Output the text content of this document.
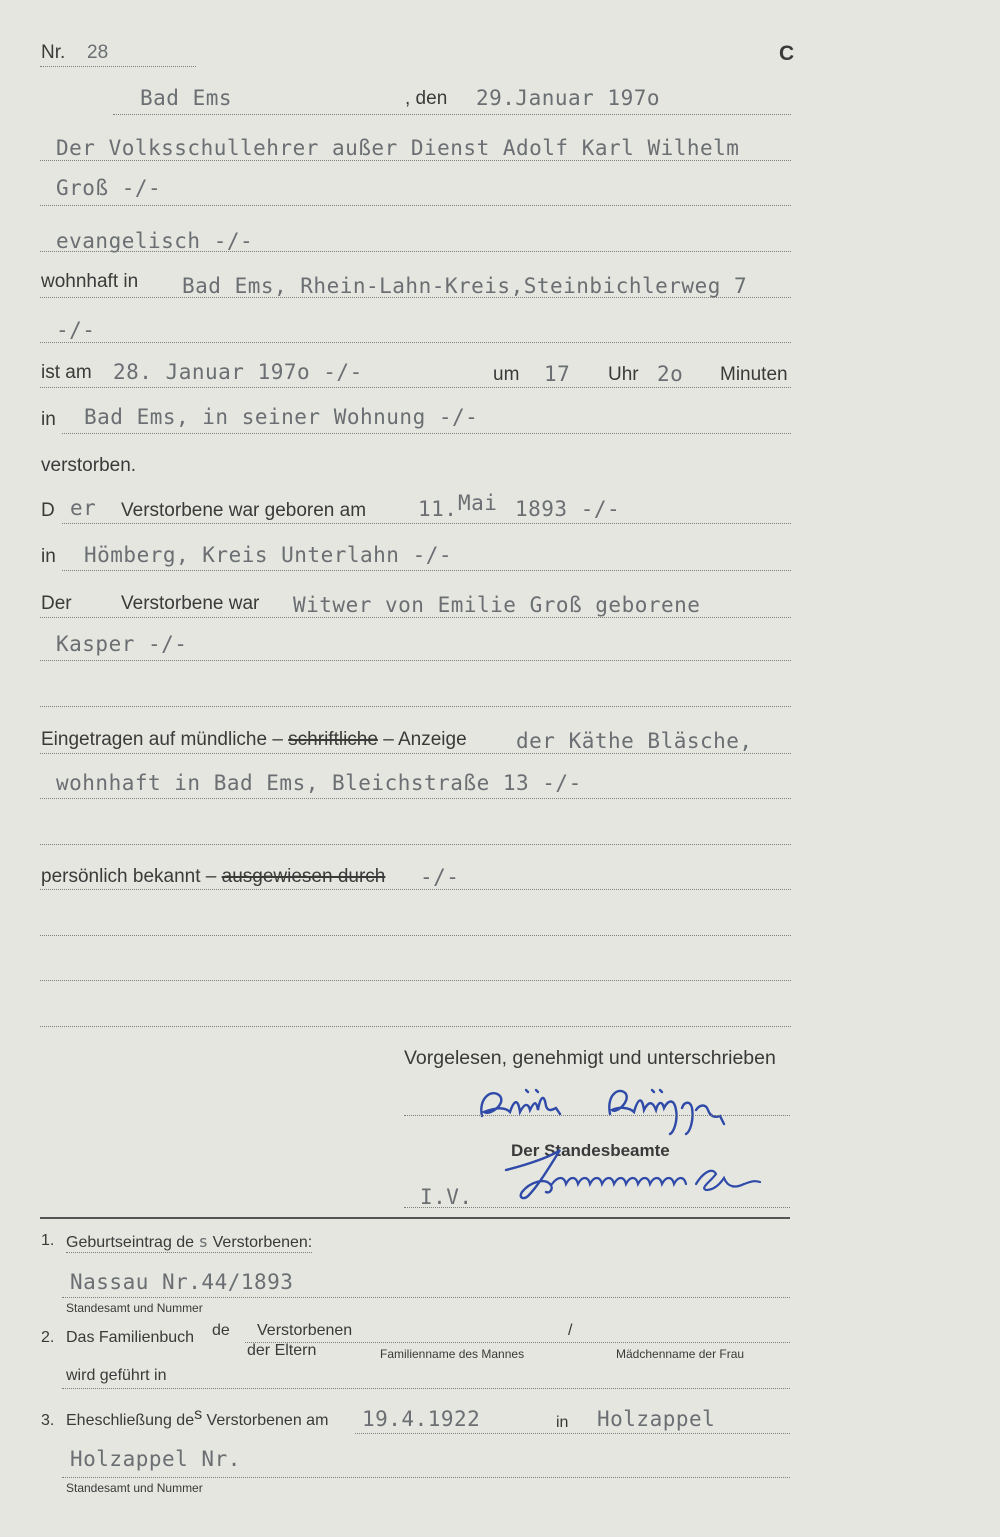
Nr. 28	C
Bad Ems	, den 29.Januar 197o
Der Volksschullehrer außer Dienst Adolf Karl Wilhelm
Groß -/-
evangelisch -/-
wohnhaft in Bad Ems, Rhein-Lahn-Kreis,Steinbichlerweg 7
-/-
ist am 28. Januar 197o -/-	um 17 Uhr 2o Minuten
in Bad Ems, in seiner Wohnung -/-
verstorben.
D er Verstorbene war geboren am 11. Mai 1893 -/-
in Hömberg, Kreis Unterlahn -/-
Der	Verstorbene war Witwer von Emilie Groß geborene
Kasper -/-
Eingetragen auf mündliche – schriftliche – Anzeige der Käthe Bläsche,
wohnhaft in Bad Ems, Bleichstraße 13 -/-
persönlich bekannt – ausgewiesen durch -/-
Vorgelesen, genehmigt und unterschrieben
Der Standesbeamte
I.V.
1. Geburtseintrag de s Verstorbenen:
Nassau Nr.44/1893
Standesamt und Nummer
2. Das Familienbuch de Verstorbenen	/
der Eltern	Familienname des Mannes	Mädchenname der Frau
wird geführt in
3. Eheschließung des Verstorbenen am 19.4.1922	in Holzappel
Holzappel Nr.
Standesamt und Nummer
